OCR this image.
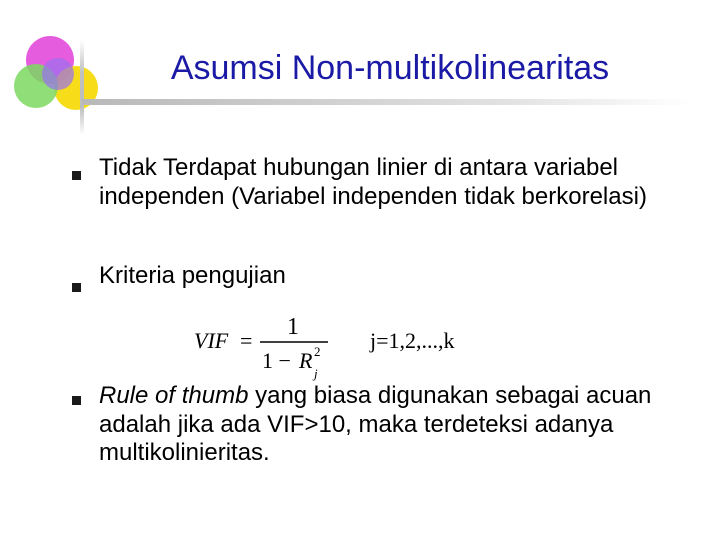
Asumsi Non-multikolinearitas
Tidak Terdapat hubungan linier di antara variabel independen (Variabel independen tidak berkorelasi)
Kriteria pengujian
VIF =
1
1 − R 2
j
j=1,2,...,k
Rule of thumb yang biasa digunakan sebagai acuan adalah jika ada VIF>10, maka terdeteksi adanya multikolinieritas.
